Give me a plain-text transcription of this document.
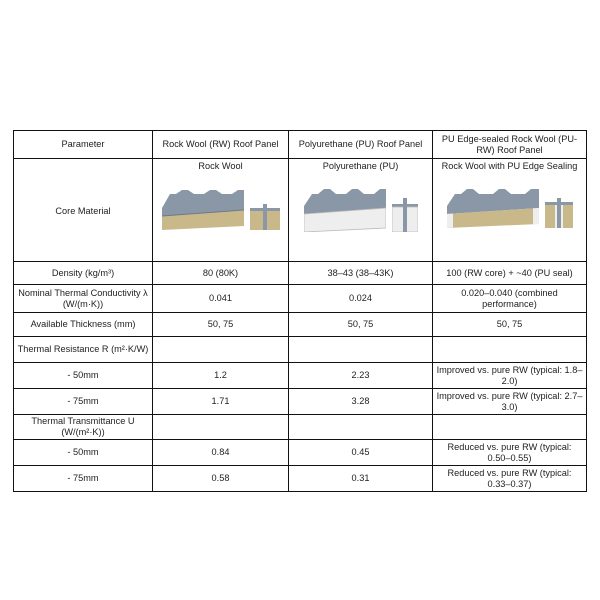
Parameter	Rock Wool (RW) Roof Panel	Polyurethane (PU) Roof Panel	PU Edge-sealed Rock Wool (PU-RW) Roof Panel
Core Material	Rock Wool	Polyurethane (PU)	Rock Wool with PU Edge Sealing

Density (kg/m³)	80 (80K)	38–43 (38–43K)	100 (RW core) + ~40 (PU seal)
Nominal Thermal Conductivity λ (W/(m·K))	0.041	0.024	0.020–0.040 (combined performance)
Available Thickness (mm)	50, 75	50, 75	50, 75
Thermal Resistance R (m²·K/W)			
- 50mm	1.2	2.23	Improved vs. pure RW (typical: 1.8–2.0)
- 75mm	1.71	3.28	Improved vs. pure RW (typical: 2.7–3.0)
Thermal Transmittance U (W/(m²·K))			
- 50mm	0.84	0.45	Reduced vs. pure RW (typical: 0.50–0.55)
- 75mm	0.58	0.31	Reduced vs. pure RW (typical: 0.33–0.37)
